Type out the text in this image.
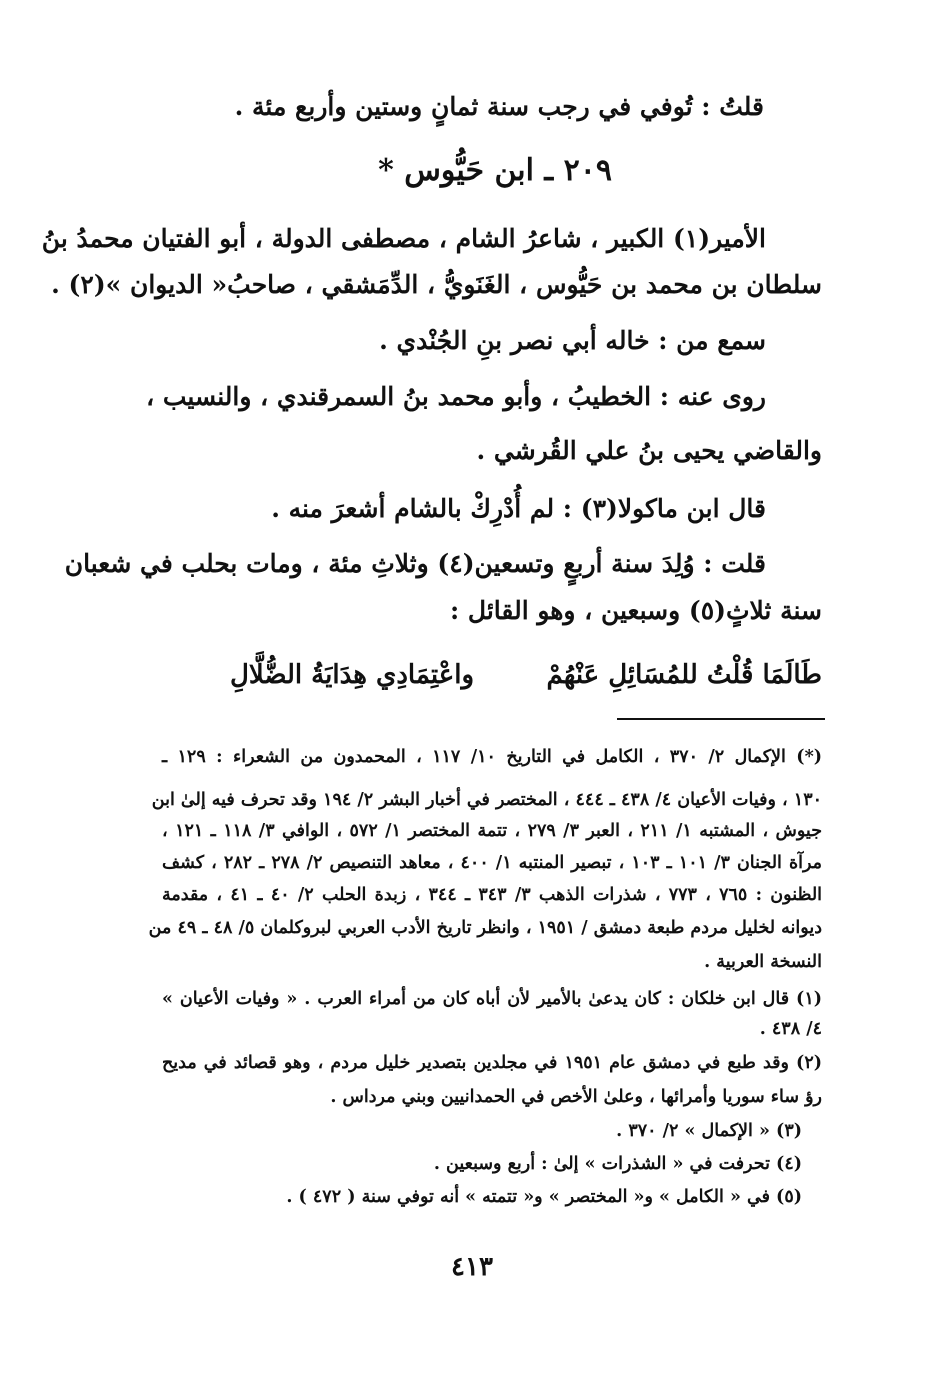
قلتُ : تُوفي في رجب سنة ثمانٍ وستين وأربع مئة .
٢٠٩ ـ ابن حَيُّوس *
الأمير(١) الكبير ، شاعرُ الشام ، مصطفى الدولة ، أبو الفتيان محمدُ بنُ
سلطان بن محمد بن حَيُّوس ، الغَنَويُّ ، الدِّمَشقي ، صاحبُ« الديوان »(٢) .
سمع من : خاله أبي نصر بنِ الجُنْدي .
روى عنه : الخطيبُ ، وأبو محمد بنُ السمرقندي ، والنسيب ،
والقاضي يحيى بنُ علي القُرشي .
قال ابن ماكولا(٣) : لم أُدْرِكْ بالشام أشعرَ منه .
قلت : وُلِدَ سنة أربعٍ وتسعين(٤) وثلاثِ مئة ، ومات بحلب في شعبان
سنة ثلاثٍ(٥) وسبعين ، وهو القائل :
طَالَمَا قُلْتُ للمُسَائِلِ عَنْهُمْ
واعْتِمَادِي هِدَايَةُ الضُّلَّالِ
(*) الإكمال ٢/ ٣٧٠ ، الكامل في التاريخ ١٠/ ١١٧ ، المحمدون من الشعراء : ١٢٩ ـ
١٣٠ ، وفيات الأعيان ٤/ ٤٣٨ ـ ٤٤٤ ، المختصر في أخبار البشر ٢/ ١٩٤ وقد تحرف فيه إلىٰ ابن
جيوش ، المشتبه ١/ ٢١١ ، العبر ٣/ ٢٧٩ ، تتمة المختصر ١/ ٥٧٢ ، الوافي ٣/ ١١٨ ـ ١٢١ ،
مرآة الجنان ٣/ ١٠١ ـ ١٠٣ ، تبصير المنتبه ١/ ٤٠٠ ، معاهد التنصيص ٢/ ٢٧٨ ـ ٢٨٢ ، كشف
الظنون : ٧٦٥ ، ٧٧٣ ، شذرات الذهب ٣/ ٣٤٣ ـ ٣٤٤ ، زبدة الحلب ٢/ ٤٠ ـ ٤١ ، مقدمة
ديوانه لخليل مردم طبعة دمشق / ١٩٥١ ، وانظر تاريخ الأدب العربي لبروكلمان ٥/ ٤٨ ـ ٤٩ من
النسخة العربية .
(١) قال ابن خلكان : كان يدعىٰ بالأمير لأن أباه كان من أمراء العرب . « وفيات الأعيان »
٤/ ٤٣٨ .
(٢) وقد طبع في دمشق عام ١٩٥١ في مجلدين بتصدير خليل مردم ، وهو قصائد في مديح
رؤ ساء سوريا وأمرائها ، وعلىٰ الأخص في الحمدانيين وبني مرداس .
(٣) « الإكمال » ٢/ ٣٧٠ .
(٤) تحرفت في « الشذرات » إلىٰ : أربع وسبعين .
(٥) في « الكامل » و« المختصر » و« تتمته » أنه توفي سنة ( ٤٧٢ ) .
٤١٣
